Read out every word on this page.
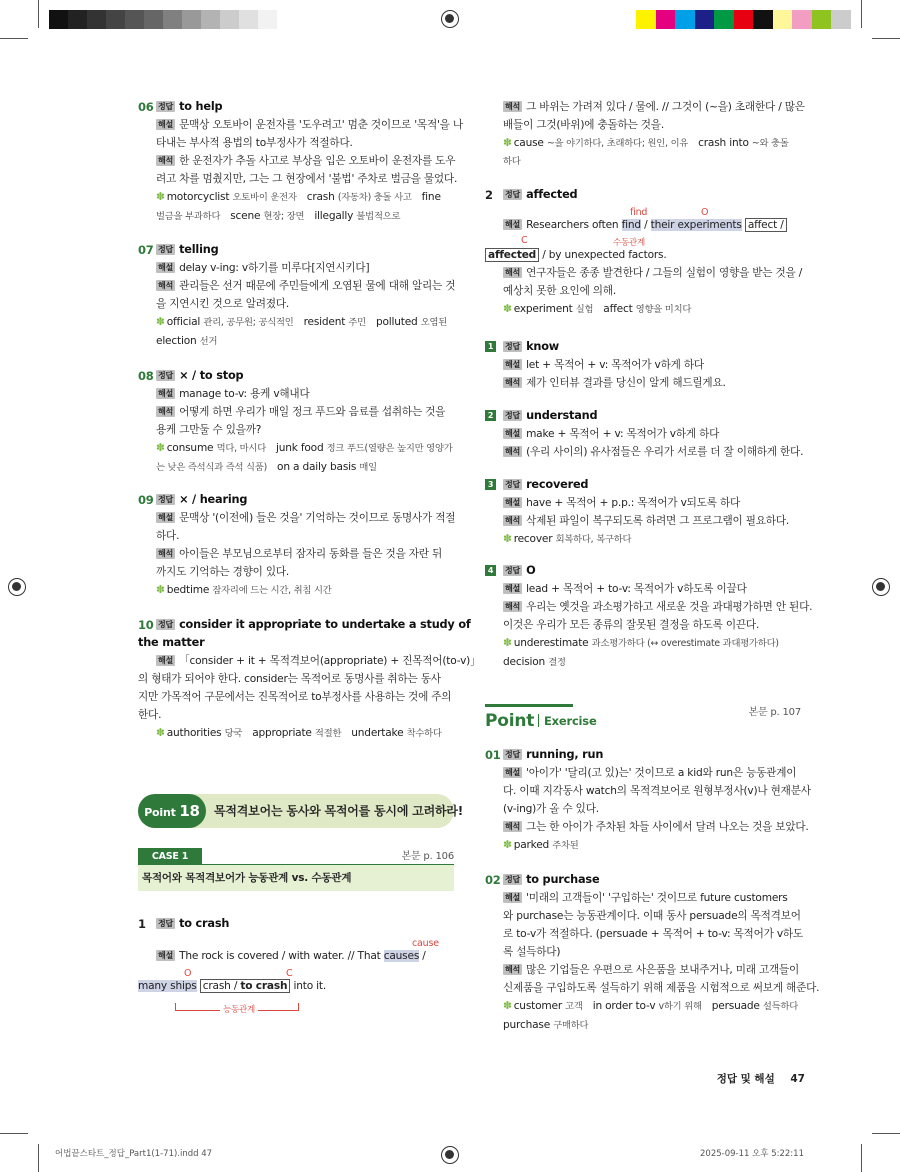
06 정답 to help
해설 문맥상 오토바이 운전자를 '도우려고' 멈춘 것이므로 '목적'을 나
타내는 부사적 용법의 to부정사가 적절하다.
해석 한 운전자가 추돌 사고로 부상을 입은 오토바이 운전자를 도우
려고 차를 멈췄지만, 그는 그 현장에서 '불법' 주차로 벌금을 물었다.
✽ motorcyclist 오토바이 운전자 crash (자동차) 충돌 사고 fine
벌금을 부과하다 scene 현장; 장면 illegally 불법적으로
07 정답 telling
해설 delay v-ing: v하기를 미루다[지연시키다]
해석 관리들은 선거 때문에 주민들에게 오염된 물에 대해 알리는 것
을 지연시킨 것으로 알려졌다.
✽ official 관리, 공무원; 공식적인 resident 주민 polluted 오염된
election 선거
08 정답 × / to stop
해설 manage to-v: 용케 v해내다
해석 어떻게 하면 우리가 매일 정크 푸드와 음료를 섭취하는 것을
용케 그만둘 수 있을까?
✽ consume 먹다, 마시다 junk food 정크 푸드(열량은 높지만 영양가
는 낮은 즉석식과 즉석 식품) on a daily basis 매일
09 정답 × / hearing
해설 문맥상 '(이전에) 들은 것을' 기억하는 것이므로 동명사가 적절
하다.
해석 아이들은 부모님으로부터 잠자리 동화를 들은 것을 자란 뒤
까지도 기억하는 경향이 있다.
✽ bedtime 잠자리에 드는 시간, 취침 시간
10 정답 consider it appropriate to undertake a study of
the matter
해설 「consider + it + 목적격보어(appropriate) + 진목적어(to-v)」
의 형태가 되어야 한다. consider는 목적어로 동명사를 취하는 동사
지만 가목적어 구문에서는 진목적어로 to부정사를 사용하는 것에 주의
한다.
✽ authorities 당국 appropriate 적절한 undertake 착수하다
Point 18	목적격보어는 동사와 목적어를 동시에 고려하라!
CASE 1	본문 p. 106
목적어와 목적격보어가 능동관계 vs. 수동관계
1 정답 to crash
cause
해설 The rock is covered / with water. // That causes /
O	C
many ships crash / to crash into it.
능동관계
해석 그 바위는 가려져 있다 / 물에. // 그것이 (~을) 초래한다 / 많은
배들이 그것(바위)에 충돌하는 것을.
✽ cause ~을 야기하다, 초래하다; 원인, 이유 crash into ~와 충돌
하다
2 정답 affected
find	O
해설 Researchers often find / their experiments affect /
C	수동관계
affected / by unexpected factors.
해석 연구자들은 종종 발견한다 / 그들의 실험이 영향을 받는 것을 /
예상치 못한 요인에 의해.
✽ experiment 실험 affect 영향을 미치다
1	정답 know
해설 let + 목적어 + v: 목적어가 v하게 하다
해석 제가 인터뷰 결과를 당신이 알게 해드릴게요.
2	정답 understand
해설 make + 목적어 + v: 목적어가 v하게 하다
해석 (우리 사이의) 유사점들은 우리가 서로를 더 잘 이해하게 한다.
3	정답 recovered
해설 have + 목적어 + p.p.: 목적어가 v되도록 하다
해석 삭제된 파일이 복구되도록 하려면 그 프로그램이 필요하다.
✽ recover 회복하다, 복구하다
4	정답 O
해설 lead + 목적어 + to-v: 목적어가 v하도록 이끌다
해석 우리는 옛것을 과소평가하고 새로운 것을 과대평가하면 안 된다.
이것은 우리가 모든 종류의 잘못된 결정을 하도록 이끈다.
✽ underestimate 과소평가하다 (↔ overestimate 과대평가하다)
decision 결정
Point Exercise
본문 p. 107
01 정답 running, run
해설 '아이가' '달리(고 있)는' 것이므로 a kid와 run은 능동관계이
다. 이때 지각동사 watch의 목적격보어로 원형부정사(v)나 현재분사
(v-ing)가 올 수 있다.
해석 그는 한 아이가 주차된 차들 사이에서 달려 나오는 것을 보았다.
✽ parked 주차된
02 정답 to purchase
해설 '미래의 고객들이' '구입하는' 것이므로 future customers
와 purchase는 능동관계이다. 이때 동사 persuade의 목적격보어
로 to-v가 적절하다. (persuade + 목적어 + to-v: 목적어가 v하도
록 설득하다)
해석 많은 기업들은 우편으로 사은품을 보내주거나, 미래 고객들이
신제품을 구입하도록 설득하기 위해 제품을 시험적으로 써보게 해준다.
✽ customer 고객 in order to-v v하기 위해 persuade 설득하다
purchase 구매하다
정답 및 해설 47
어법끝스타트_정답_Part1(1-71).indd 47	2025-09-11 오후 5:22:11
